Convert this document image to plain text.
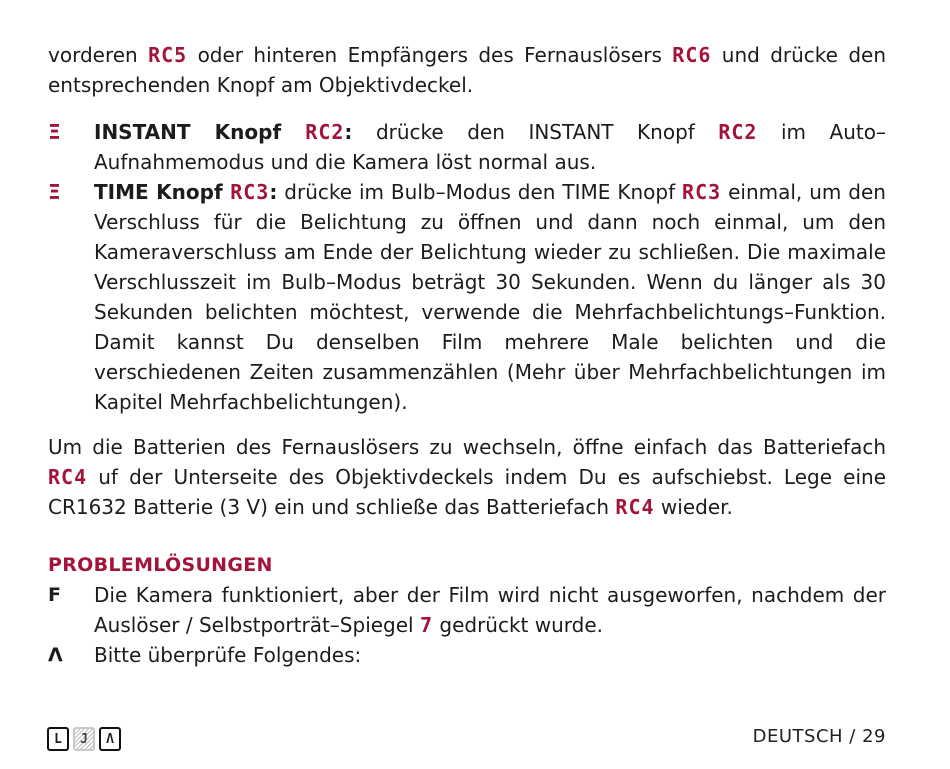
vorderen RC5 oder hinteren Empfängers des Fernauslösers RC6 und drücke den entsprechenden Knopf am Objektivdeckel.

Ξ	INSTANT Knopf RC2: drücke den INSTANT Knopf RC2 im Auto–Aufnahmemodus und die Kamera löst normal aus.
Ξ	TIME Knopf RC3: drücke im Bulb–Modus den TIME Knopf RC3 einmal, um den Verschluss für die Belichtung zu öffnen und dann noch einmal, um den Kameraverschluss am Ende der Belichtung wieder zu schließen. Die maximale Verschlusszeit im Bulb–Modus beträgt 30 Sekunden. Wenn du länger als 30 Sekunden belichten möchtest, verwende die Mehrfachbelichtungs–Funktion. Damit kannst Du denselben Film mehrere Male belichten und die verschiedenen Zeiten zusammenzählen (Mehr über Mehrfachbelichtungen im Kapitel Mehrfachbelichtungen).

Um die Batterien des Fernauslösers zu wechseln, öffne einfach das Batteriefach RC4 uf der Unterseite des Objektivdeckels indem Du es aufschiebst. Lege eine CR1632 Batterie (3 V) ein und schließe das Batteriefach RC4 wieder.

PROBLEMLÖSUNGEN
F	Die Kamera funktioniert, aber der Film wird nicht ausgeworfen, nachdem der Auslöser / Selbstporträt–Spiegel 7 gedrückt wurde.
Λ	Bitte überprüfe Folgendes:
L	J	Λ	DEUTSCH / 29
